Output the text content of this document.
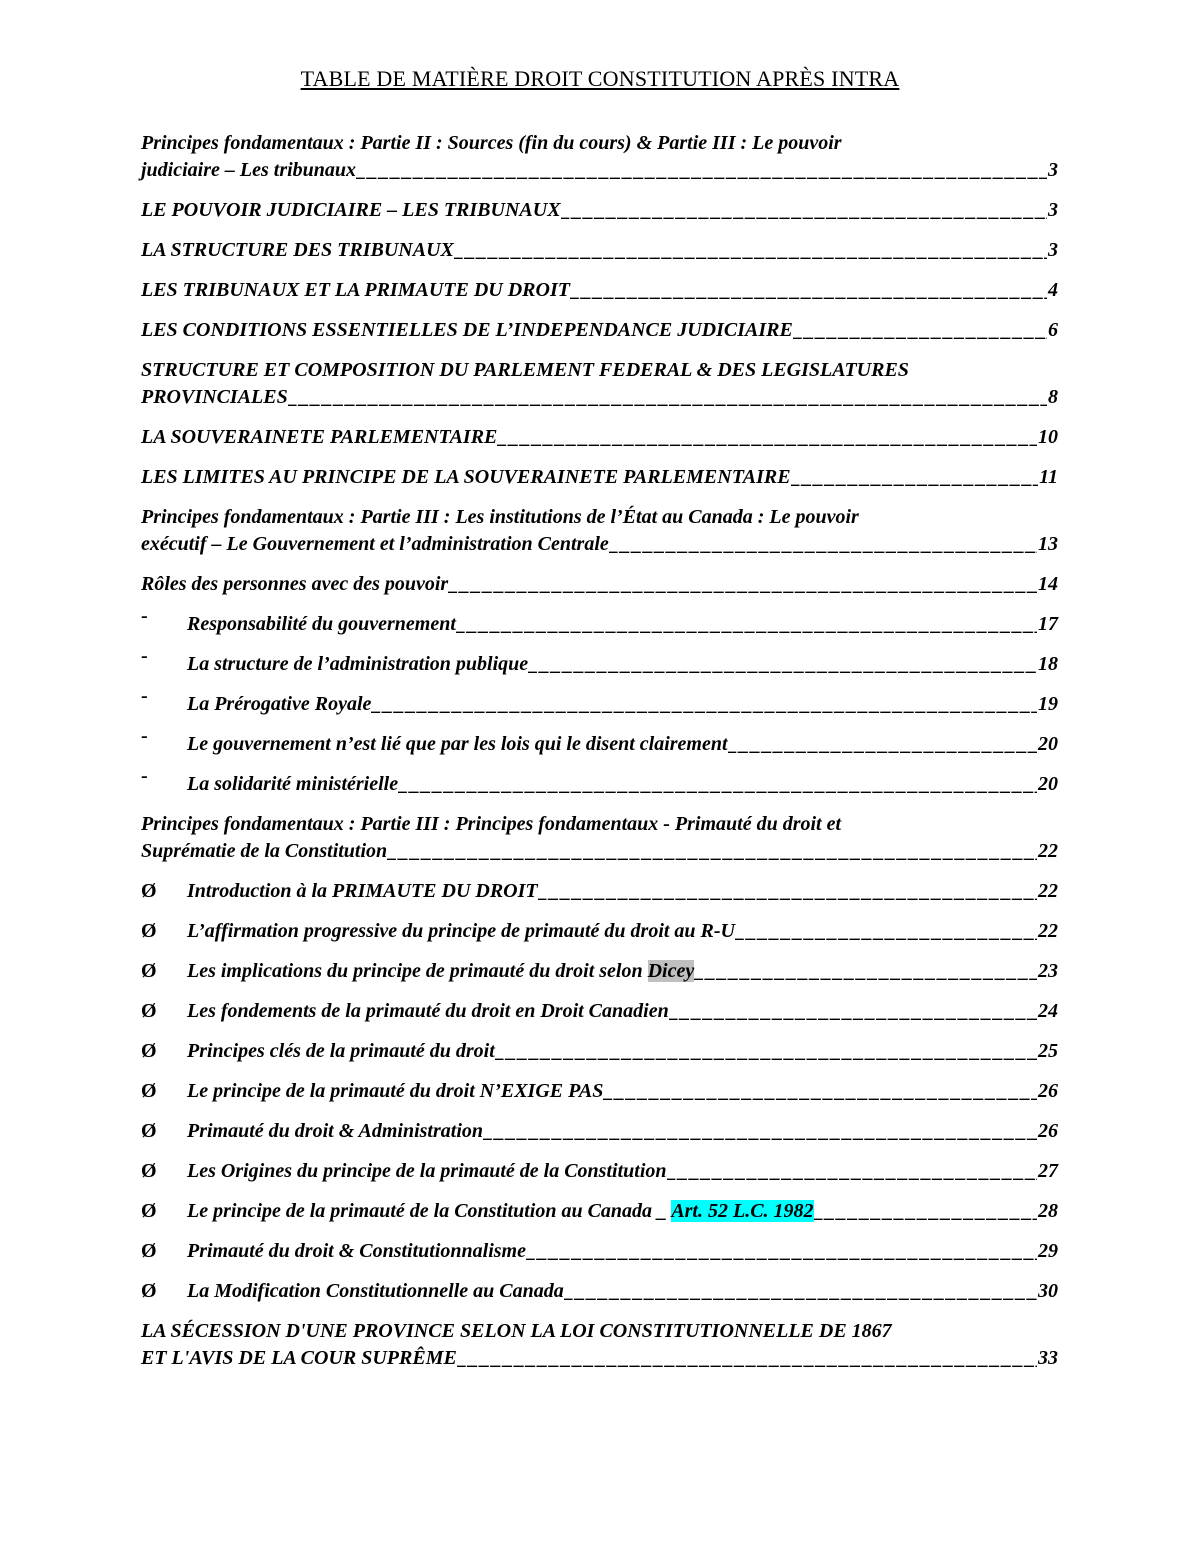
TABLE DE MATIÈRE DROIT CONSTITUTION APRÈS INTRA
Principes fondamentaux : Partie II : Sources (fin du cours) & Partie III : Le pouvoir
judiciaire – Les tribunaux _____	3
LE POUVOIR JUDICIAIRE – LES TRIBUNAUX _____	3
LA STRUCTURE DES TRIBUNAUX _____	3
LES TRIBUNAUX ET LA PRIMAUTE DU DROIT _____	4
LES CONDITIONS ESSENTIELLES DE L’INDEPENDANCE JUDICIAIRE _____	6
STRUCTURE ET COMPOSITION DU PARLEMENT FEDERAL & DES LEGISLATURES
PROVINCIALES _____	8
LA SOUVERAINETE PARLEMENTAIRE _____	10
LES LIMITES AU PRINCIPE DE LA SOUVERAINETE PARLEMENTAIRE _____	11
Principes fondamentaux : Partie III : Les institutions de l’État au Canada : Le pouvoir
exécutif – Le Gouvernement et l’administration Centrale _____	13
Rôles des personnes avec des pouvoir _____	14
- Responsabilité du gouvernement _____	17
- La structure de l’administration publique _____	18
- La Prérogative Royale _____	19
- Le gouvernement n’est lié que par les lois qui le disent clairement _____	20
- La solidarité ministérielle _____	20
Principes fondamentaux : Partie III : Principes fondamentaux - Primauté du droit et
Suprématie de la Constitution _____	22
Ø Introduction à la PRIMAUTE DU DROIT _____	22
Ø L’affirmation progressive du principe de primauté du droit au R-U _____	22
Ø Les implications du principe de primauté du droit selon Dicey _____	23
Ø Les fondements de la primauté du droit en Droit Canadien _____	24
Ø Principes clés de la primauté du droit _____	25
Ø Le principe de la primauté du droit N’EXIGE PAS _____	26
Ø Primauté du droit & Administration _____	26
Ø Les Origines du principe de la primauté de la Constitution _____	27
Ø Le principe de la primauté de la Constitution au Canada _ Art. 52 L.C. 1982 _____	28
Ø Primauté du droit & Constitutionnalisme _____	29
Ø La Modification Constitutionnelle au Canada _____	30
LA SÉCESSION D'UNE PROVINCE SELON LA LOI CONSTITUTIONNELLE DE 1867
ET L'AVIS DE LA COUR SUPRÊME _____	33
